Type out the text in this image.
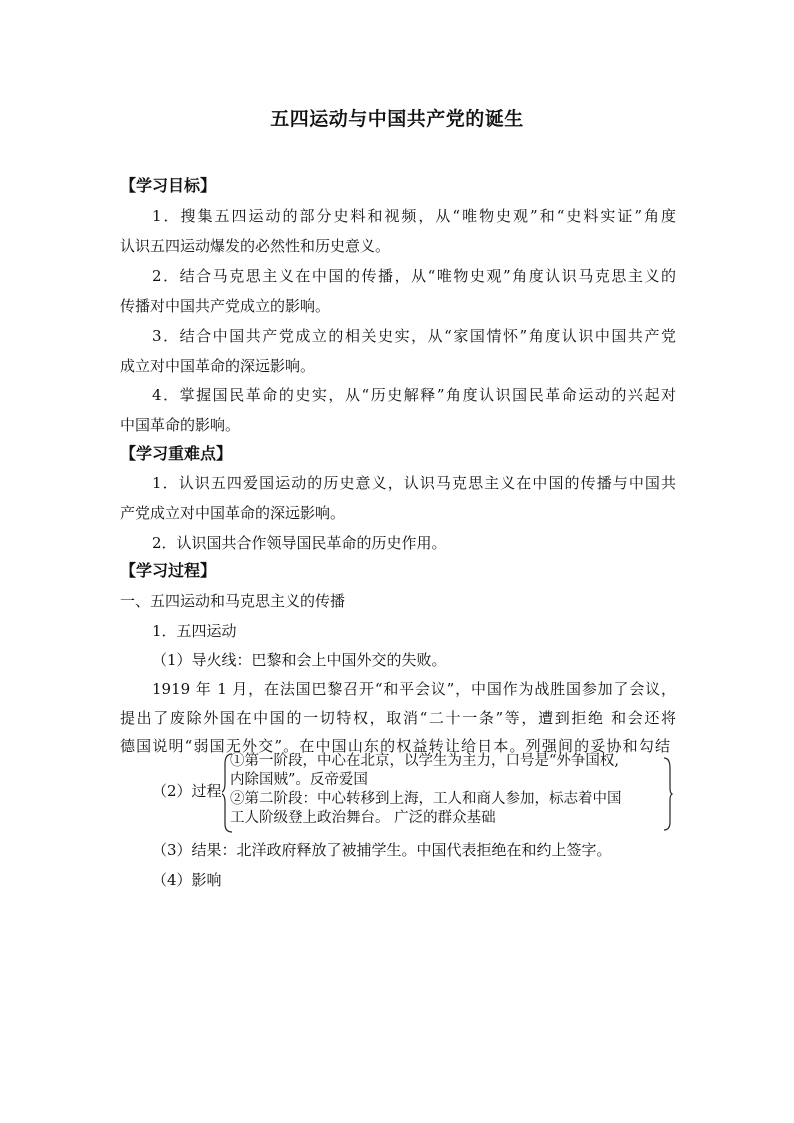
五四运动与中国共产党的诞生
【学习目标】
1．搜集五四运动的部分史料和视频，从“唯物史观”和“史料实证”角度
认识五四运动爆发的必然性和历史意义。
2．结合马克思主义在中国的传播，从“唯物史观”角度认识马克思主义的
传播对中国共产党成立的影响。
3．结合中国共产党成立的相关史实，从“家国情怀”角度认识中国共产党
成立对中国革命的深远影响。
4．掌握国民革命的史实，从“历史解释”角度认识国民革命运动的兴起对
中国革命的影响。
【学习重难点】
1．认识五四爱国运动的历史意义，认识马克思主义在中国的传播与中国共
产党成立对中国革命的深远影响。
2．认识国共合作领导国民革命的历史作用。
【学习过程】
一、五四运动和马克思主义的传播
1．五四运动
（1）导火线：巴黎和会上中国外交的失败。
1919 年 1 月，在法国巴黎召开“和平会议”，中国作为战胜国参加了会议，
提出了废除外国在中国的一切特权，取消“二十一条”等，遭到拒绝 和会还将
德国说明“弱国无外交”。在中国山东的权益转让给日本。列强间的妥协和勾结
（2）过程
①第一阶段，中心在北京，以学生为主力，口号是“外争国权,
内除国贼”。反帝爱国
②第二阶段：中心转移到上海，工人和商人参加，标志着中国
工人阶级登上政治舞台。 广泛的群众基础
（3）结果：北洋政府释放了被捕学生。中国代表拒绝在和约上签字。
（4）影响
